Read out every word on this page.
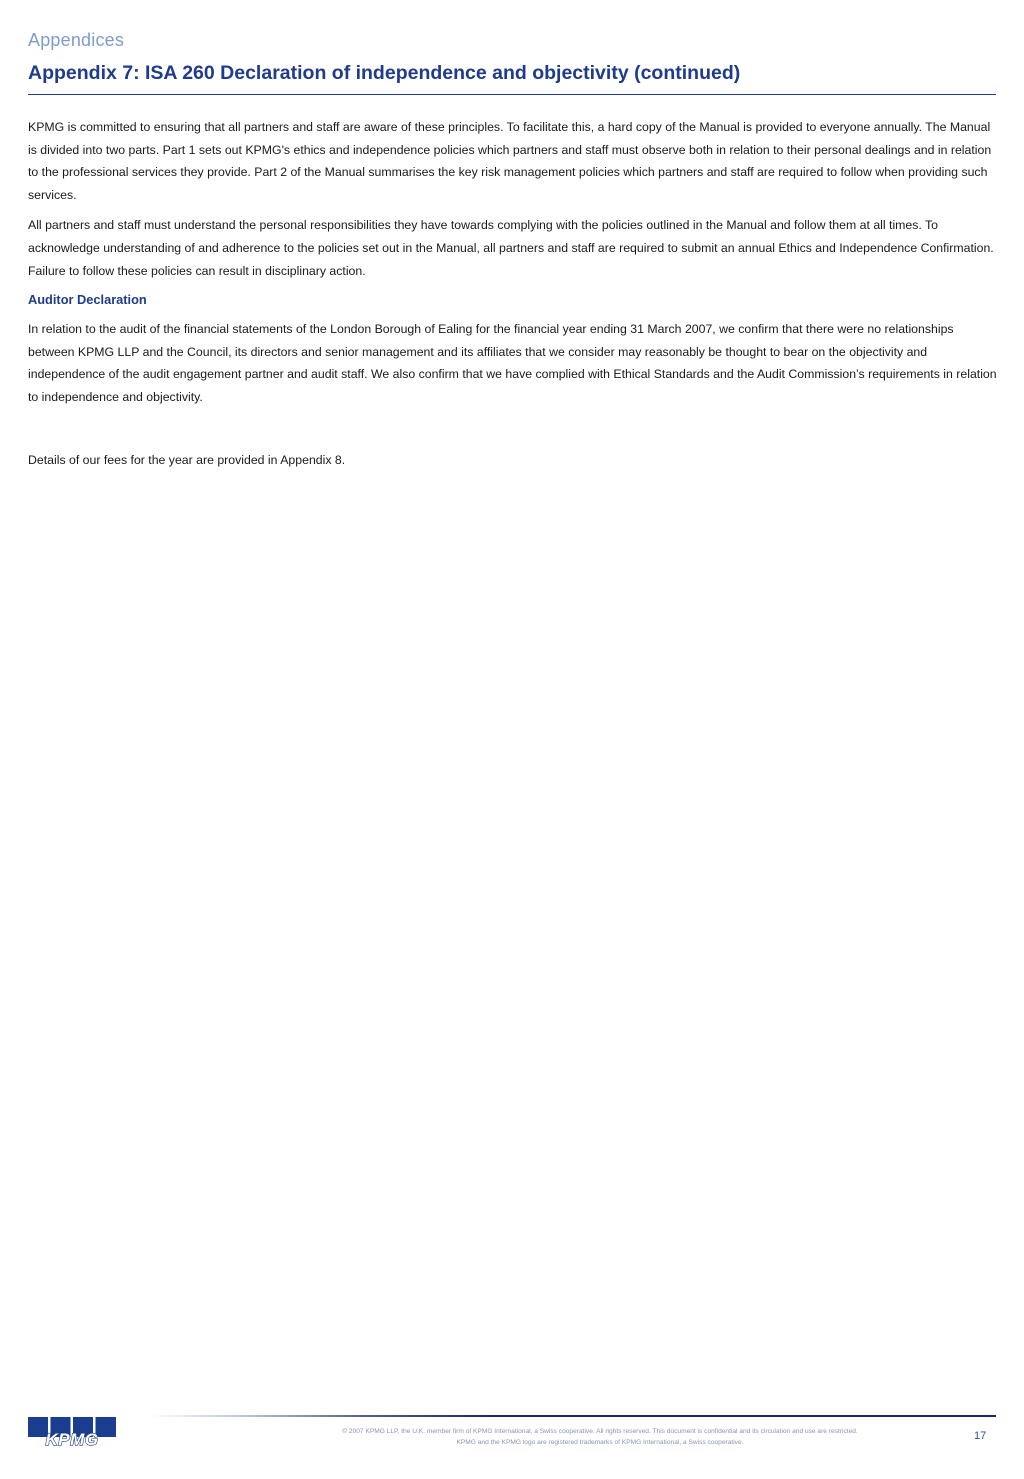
Appendices
Appendix 7: ISA 260 Declaration of independence and objectivity (continued)

KPMG is committed to ensuring that all partners and staff are aware of these principles. To facilitate this, a hard copy of the Manual is provided to everyone annually. The Manual is divided into two parts. Part 1 sets out KPMG's ethics and independence policies which partners and staff must observe both in relation to their personal dealings and in relation to the professional services they provide. Part 2 of the Manual summarises the key risk management policies which partners and staff are required to follow when providing such services.

All partners and staff must understand the personal responsibilities they have towards complying with the policies outlined in the Manual and follow them at all times. To acknowledge understanding of and adherence to the policies set out in the Manual, all partners and staff are required to submit an annual Ethics and Independence Confirmation. Failure to follow these policies can result in disciplinary action.

Auditor Declaration

In relation to the audit of the financial statements of the London Borough of Ealing for the financial year ending 31 March 2007, we confirm that there were no relationships between KPMG LLP and the Council, its directors and senior management and its affiliates that we consider may reasonably be thought to bear on the objectivity and independence of the audit engagement partner and audit staff. We also confirm that we have complied with Ethical Standards and the Audit Commission’s requirements in relation to independence and objectivity.

Details of our fees for the year are provided in Appendix 8.

KPMG	© 2007 KPMG LLP, the U.K. member firm of KPMG International, a Swiss cooperative. All rights reserved. This document is confidential and its circulation and use are restricted.
KPMG and the KPMG logo are registered trademarks of KPMG International, a Swiss cooperative.
17
